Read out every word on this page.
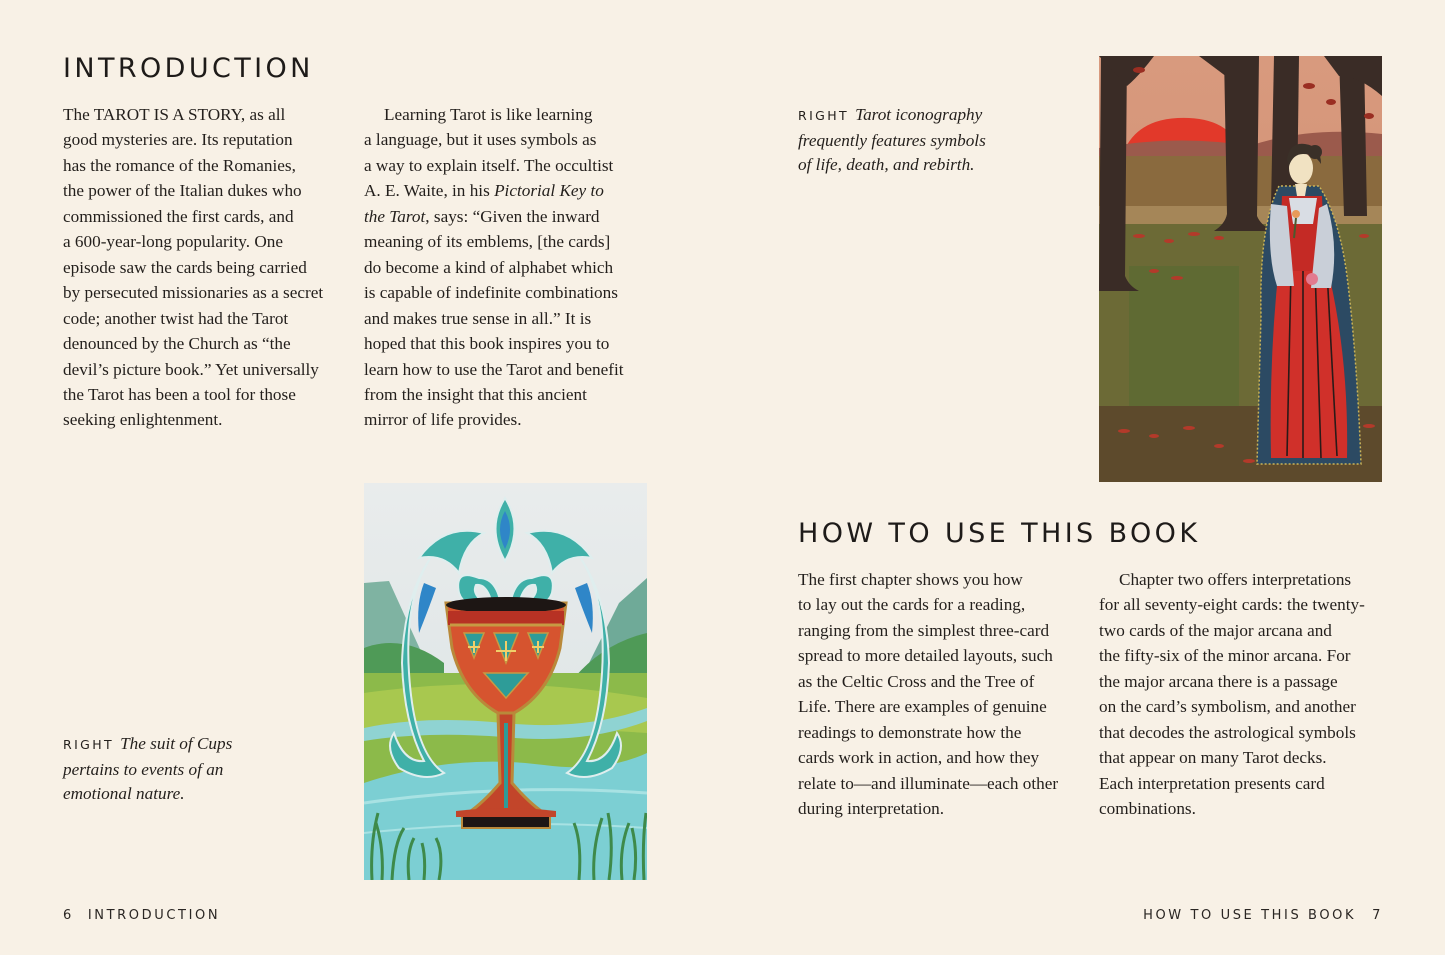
INTRODUCTION
The TAROT IS A STORY, as all
good mysteries are. Its reputation
has the romance of the Romanies,
the power of the Italian dukes who
commissioned the first cards, and
a 600-year-long popularity. One
episode saw the cards being carried
by persecuted missionaries as a secret
code; another twist had the Tarot
denounced by the Church as “the
devil’s picture book.” Yet universally
the Tarot has been a tool for those
seeking enlightenment.
Learning Tarot is like learning
a language, but it uses symbols as
a way to explain itself. The occultist
A. E. Waite, in his Pictorial Key to
the Tarot, says: “Given the inward
meaning of its emblems, [the cards]
do become a kind of alphabet which
is capable of indefinite combinations
and makes true sense in all.” It is
hoped that this book inspires you to
learn how to use the Tarot and benefit
from the insight that this ancient
mirror of life provides.
RIGHT The suit of Cups
pertains to events of an
emotional nature.
6 INTRODUCTION
RIGHT Tarot iconography
frequently features symbols
of life, death, and rebirth.
HOW TO USE THIS BOOK
The first chapter shows you how
to lay out the cards for a reading,
ranging from the simplest three-card
spread to more detailed layouts, such
as the Celtic Cross and the Tree of
Life. There are examples of genuine
readings to demonstrate how the
cards work in action, and how they
relate to—and illuminate—each other
during interpretation.
Chapter two offers interpretations
for all seventy-eight cards: the twenty-
two cards of the major arcana and
the fifty-six of the minor arcana. For
the major arcana there is a passage
on the card’s symbolism, and another
that decodes the astrological symbols
that appear on many Tarot decks.
Each interpretation presents card
combinations.
HOW TO USE THIS BOOK 7
